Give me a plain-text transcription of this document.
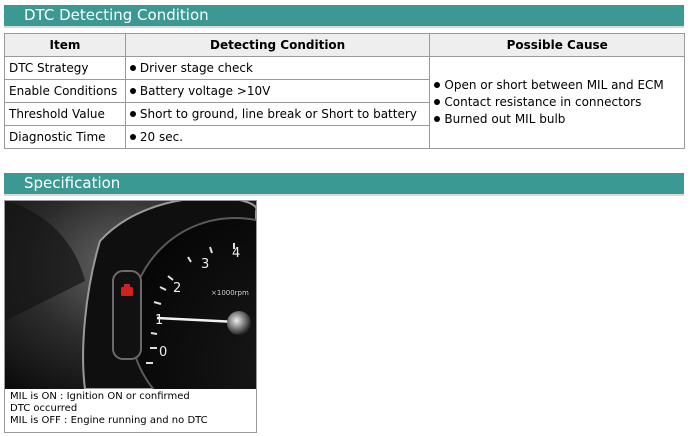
DTC Detecting Condition
Item	Detecting Condition	Possible Cause
DTC Strategy	Driver stage check	Open or short between MIL and ECM
Contact resistance in connectors
Burned out MIL bulb

Enable Conditions	Battery voltage >10V	
Threshold Value	Short to ground, line break or Short to battery	
Diagnostic Time	20 sec.	
Specification
0
1
2
3
4
×1000rpm
MIL is ON : Ignition ON or confirmed
DTC occurred
MIL is OFF : Engine running and no DTC
